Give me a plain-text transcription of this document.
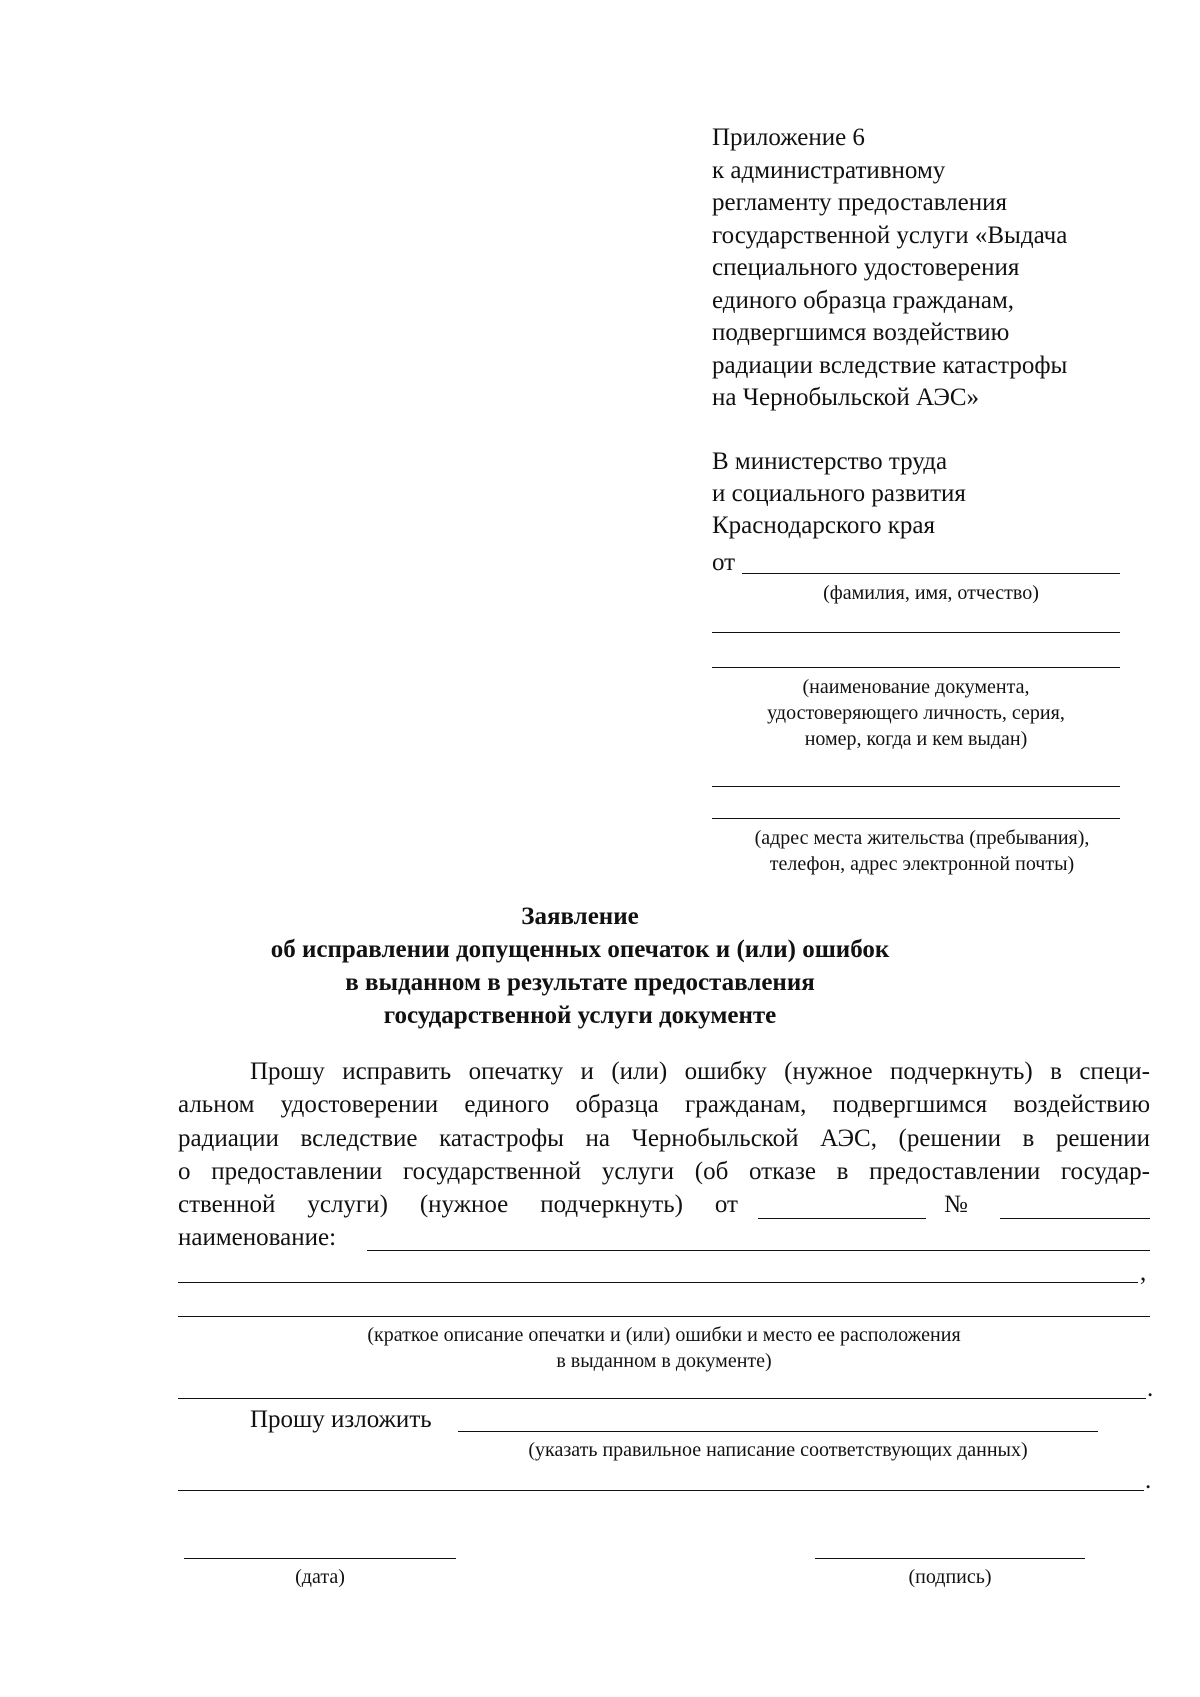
Приложение 6
к административному
регламенту предоставления
государственной услуги «Выдача
специального удостоверения
единого образца гражданам,
подвергшимся воздействию
радиации вследствие катастрофы
на Чернобыльской АЭС»
В министерство труда
и социального развития
Краснодарского края
от
(фамилия, имя, отчество)
(наименование документа,
удостоверяющего личность, серия,
номер, когда и кем выдан)
(адрес места жительства (пребывания),
телефон, адрес электронной почты)
Заявление
об исправлении допущенных опечаток и (или) ошибок
в выданном в результате предоставления
государственной услуги документе
Прошу исправить опечатку и (или) ошибку (нужное подчеркнуть) в специ-
альном удостоверении единого образца гражданам, подвергшимся воздействию
радиации вследствие катастрофы на Чернобыльской АЭС, (решении в решении
о предоставлении государственной услуги (об отказе в предоставлении государ-
ственной услуги) (нужное подчеркнуть) от	№
наименование:
,
(краткое описание опечатки и (или) ошибки и место ее расположения
в выданном в документе)
.
Прошу изложить
(указать правильное написание соответствующих данных)
.
(дата)	(подпись)
